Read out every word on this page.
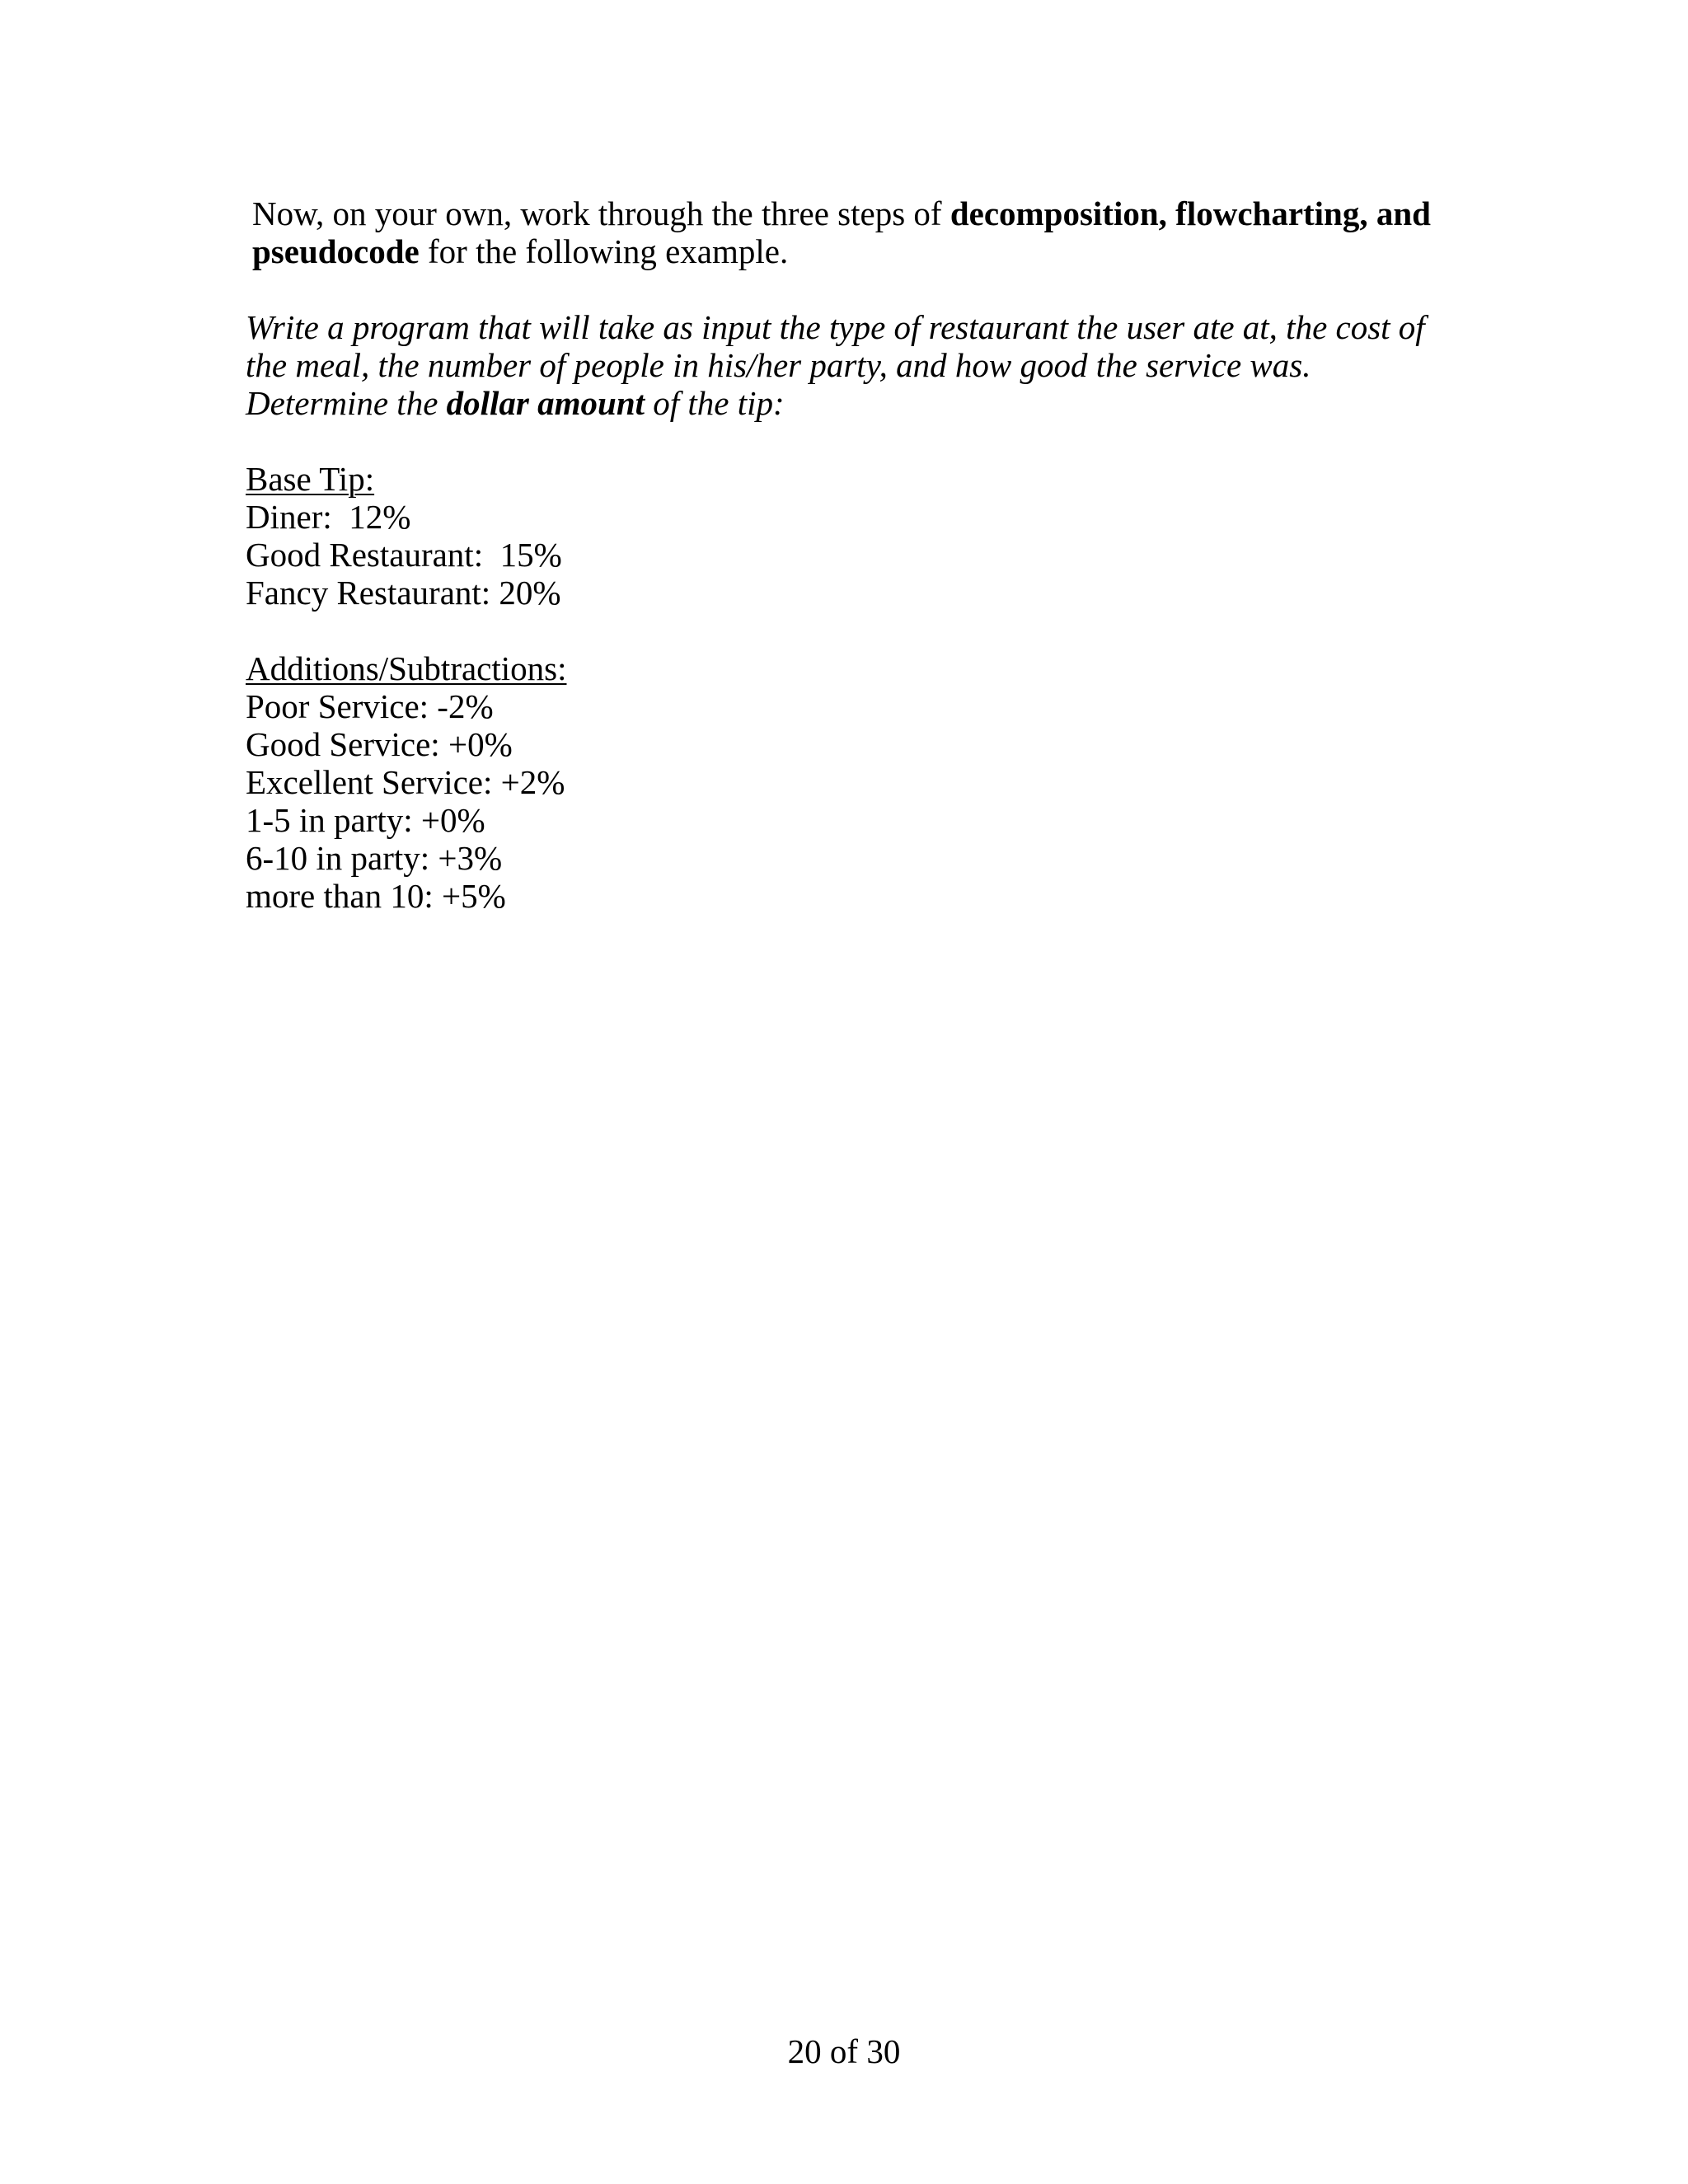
Now, on your own, work through the three steps of decomposition, flowcharting, and pseudocode for the following example.

Write a program that will take as input the type of restaurant the user ate at, the cost of the meal, the number of people in his/her party, and how good the service was. Determine the dollar amount of the tip:

Base Tip:
Diner:  12%
Good Restaurant:  15%
Fancy Restaurant: 20%
Additions/Subtractions:
Poor Service: -2%
Good Service: +0%
Excellent Service: +2%
1-5 in party: +0%
6-10 in party: +3%
more than 10: +5%
20 of 30
